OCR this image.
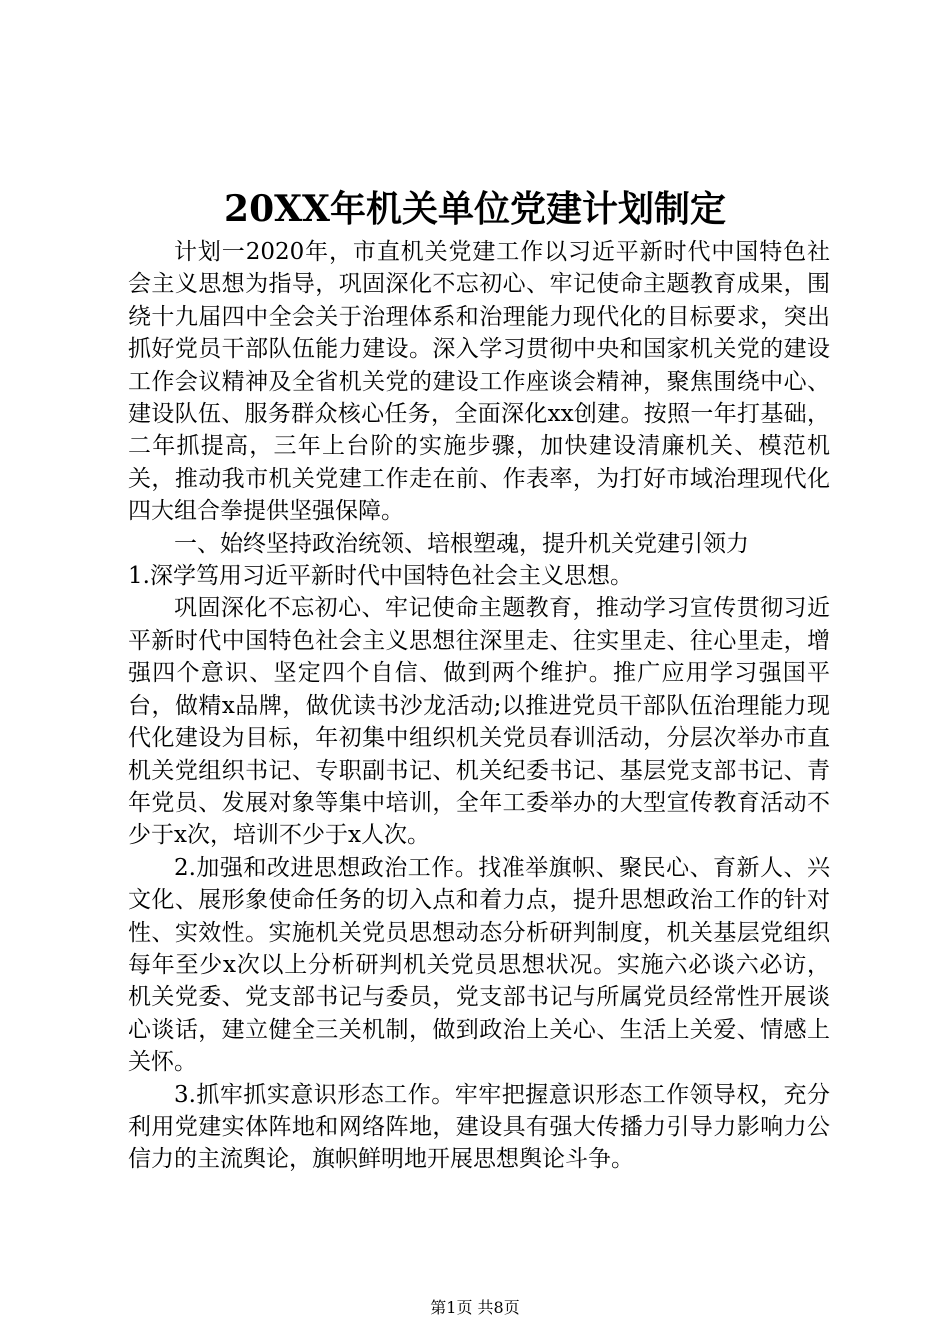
20XX年机关单位党建计划制定

计划一2020年，市直机关党建工作以习近平新时代中国特色社会主义思想为指导，巩固深化不忘初心、牢记使命主题教育成果，围绕十九届四中全会关于治理体系和治理能力现代化的目标要求，突出抓好党员干部队伍能力建设。深入学习贯彻中央和国家机关党的建设工作会议精神及全省机关党的建设工作座谈会精神，聚焦围绕中心、建设队伍、服务群众核心任务，全面深化xx创建。按照一年打基础，二年抓提高，三年上台阶的实施步骤，加快建设清廉机关、模范机关，推动我市机关党建工作走在前、作表率，为打好市域治理现代化四大组合拳提供坚强保障。

一、始终坚持政治统领、培根塑魂，提升机关党建引领力

1.深学笃用习近平新时代中国特色社会主义思想。

巩固深化不忘初心、牢记使命主题教育，推动学习宣传贯彻习近平新时代中国特色社会主义思想往深里走、往实里走、往心里走，增强四个意识、坚定四个自信、做到两个维护。推广应用学习强国平台，做精x品牌，做优读书沙龙活动;以推进党员干部队伍治理能力现代化建设为目标，年初集中组织机关党员春训活动，分层次举办市直机关党组织书记、专职副书记、机关纪委书记、基层党支部书记、青年党员、发展对象等集中培训，全年工委举办的大型宣传教育活动不少于x次，培训不少于x人次。

2.加强和改进思想政治工作。找准举旗帜、聚民心、育新人、兴文化、展形象使命任务的切入点和着力点，提升思想政治工作的针对性、实效性。实施机关党员思想动态分析研判制度，机关基层党组织每年至少x次以上分析研判机关党员思想状况。实施六必谈六必访，机关党委、党支部书记与委员，党支部书记与所属党员经常性开展谈心谈话，建立健全三关机制，做到政治上关心、生活上关爱、情感上关怀。

3.抓牢抓实意识形态工作。牢牢把握意识形态工作领导权，充分利用党建实体阵地和网络阵地，建设具有强大传播力引导力影响力公信力的主流舆论，旗帜鲜明地开展思想舆论斗争。

第1页 共8页
